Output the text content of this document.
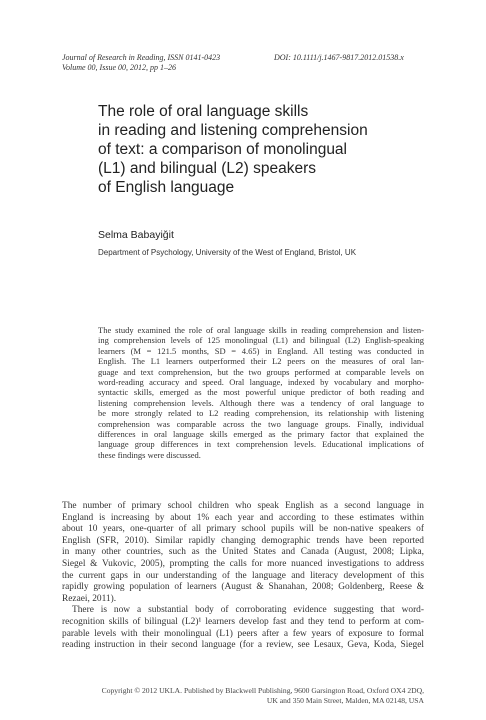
Journal of Research in Reading, ISSN 0141-0423
Volume 00, Issue 00, 2012, pp 1–26
DOI: 10.1111/j.1467-9817.2012.01538.x
The role of oral language skills
in reading and listening comprehension
of text: a comparison of monolingual
(L1) and bilingual (L2) speakers
of English language
Selma Babayiğit
Department of Psychology, University of the West of England, Bristol, UK
The study examined the role of oral language skills in reading comprehension and listen-
ing comprehension levels of 125 monolingual (L1) and bilingual (L2) English-speaking
learners (M = 121.5 months, SD = 4.65) in England. All testing was conducted in
English. The L1 learners outperformed their L2 peers on the measures of oral lan-
guage and text comprehension, but the two groups performed at comparable levels on
word-reading accuracy and speed. Oral language, indexed by vocabulary and morpho-
syntactic skills, emerged as the most powerful unique predictor of both reading and
listening comprehension levels. Although there was a tendency of oral language to
be more strongly related to L2 reading comprehension, its relationship with listening
comprehension was comparable across the two language groups. Finally, individual
differences in oral language skills emerged as the primary factor that explained the
language group differences in text comprehension levels. Educational implications of
these findings were discussed.
The number of primary school children who speak English as a second language in
England is increasing by about 1% each year and according to these estimates within
about 10 years, one-quarter of all primary school pupils will be non-native speakers of
English (SFR, 2010). Similar rapidly changing demographic trends have been reported
in many other countries, such as the United States and Canada (August, 2008; Lipka,
Siegel & Vukovic, 2005), prompting the calls for more nuanced investigations to address
the current gaps in our understanding of the language and literacy development of this
rapidly growing population of learners (August & Shanahan, 2008; Goldenberg, Reese &
Rezaei, 2011).
There is now a substantial body of corroborating evidence suggesting that word-
recognition skills of bilingual (L2)¹ learners develop fast and they tend to perform at com-
parable levels with their monolingual (L1) peers after a few years of exposure to formal
reading instruction in their second language (for a review, see Lesaux, Geva, Koda, Siegel
Copyright © 2012 UKLA. Published by Blackwell Publishing, 9600 Garsington Road, Oxford OX4 2DQ,
UK and 350 Main Street, Malden, MA 02148, USA
